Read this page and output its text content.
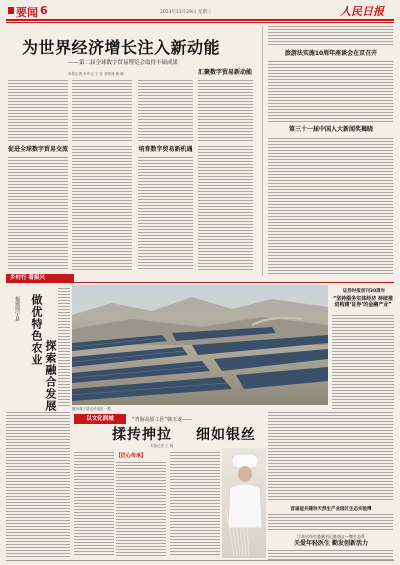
要闻 6	2023年11月29日 星期三	人民日报
为世界经济增长注入新动能
——第二届全球数字贸易博览会取得丰硕成果
本报记者 李中文 王 化 刘军涛 黄 瑞
促进全球数字贸易交流	培育数字贸易新机遇
汇聚数字贸易新动能
旅游法实施10周年座谈会在京召开
第三十一届中国人大新闻奖揭晓
乡村行 看振兴
福建周宁县 做优特色农业
探索融合发展	图为周宁县光伏电站一景。
证券时报创刊30周年
“坚持服务实体经济 持续推进构建‘证券’的金融产业”
以文化润城	“青海高原工匠”韩玉龙——
揉抟抻拉 细如银丝
本报记者 王 锦
【匠心传承】
首届硅共建珍天然生产业园区生态实验博
江苏启东市委副书记陈国义—微生态系
关爱年轻医生 勤发创新活力
